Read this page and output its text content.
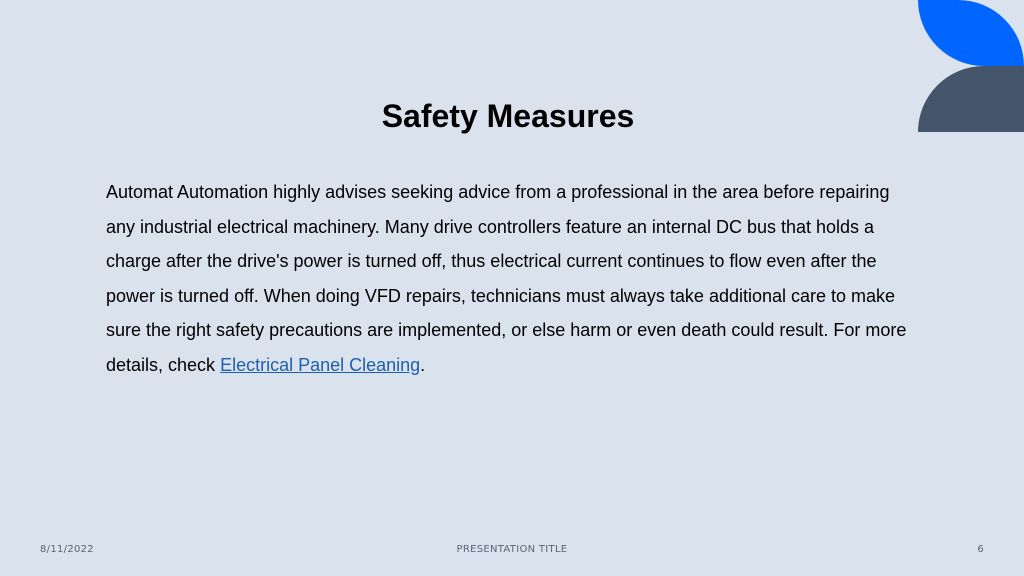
Safety Measures

Automat Automation highly advises seeking advice from a professional in the area before repairing any industrial electrical machinery. Many drive controllers feature an internal DC bus that holds a charge after the drive's power is turned off, thus electrical current continues to flow even after the power is turned off. When doing VFD repairs, technicians must always take additional care to make sure the right safety precautions are implemented, or else harm or even death could result. For more details, check Electrical Panel Cleaning.

8/11/2022	PRESENTATION TITLE	6
